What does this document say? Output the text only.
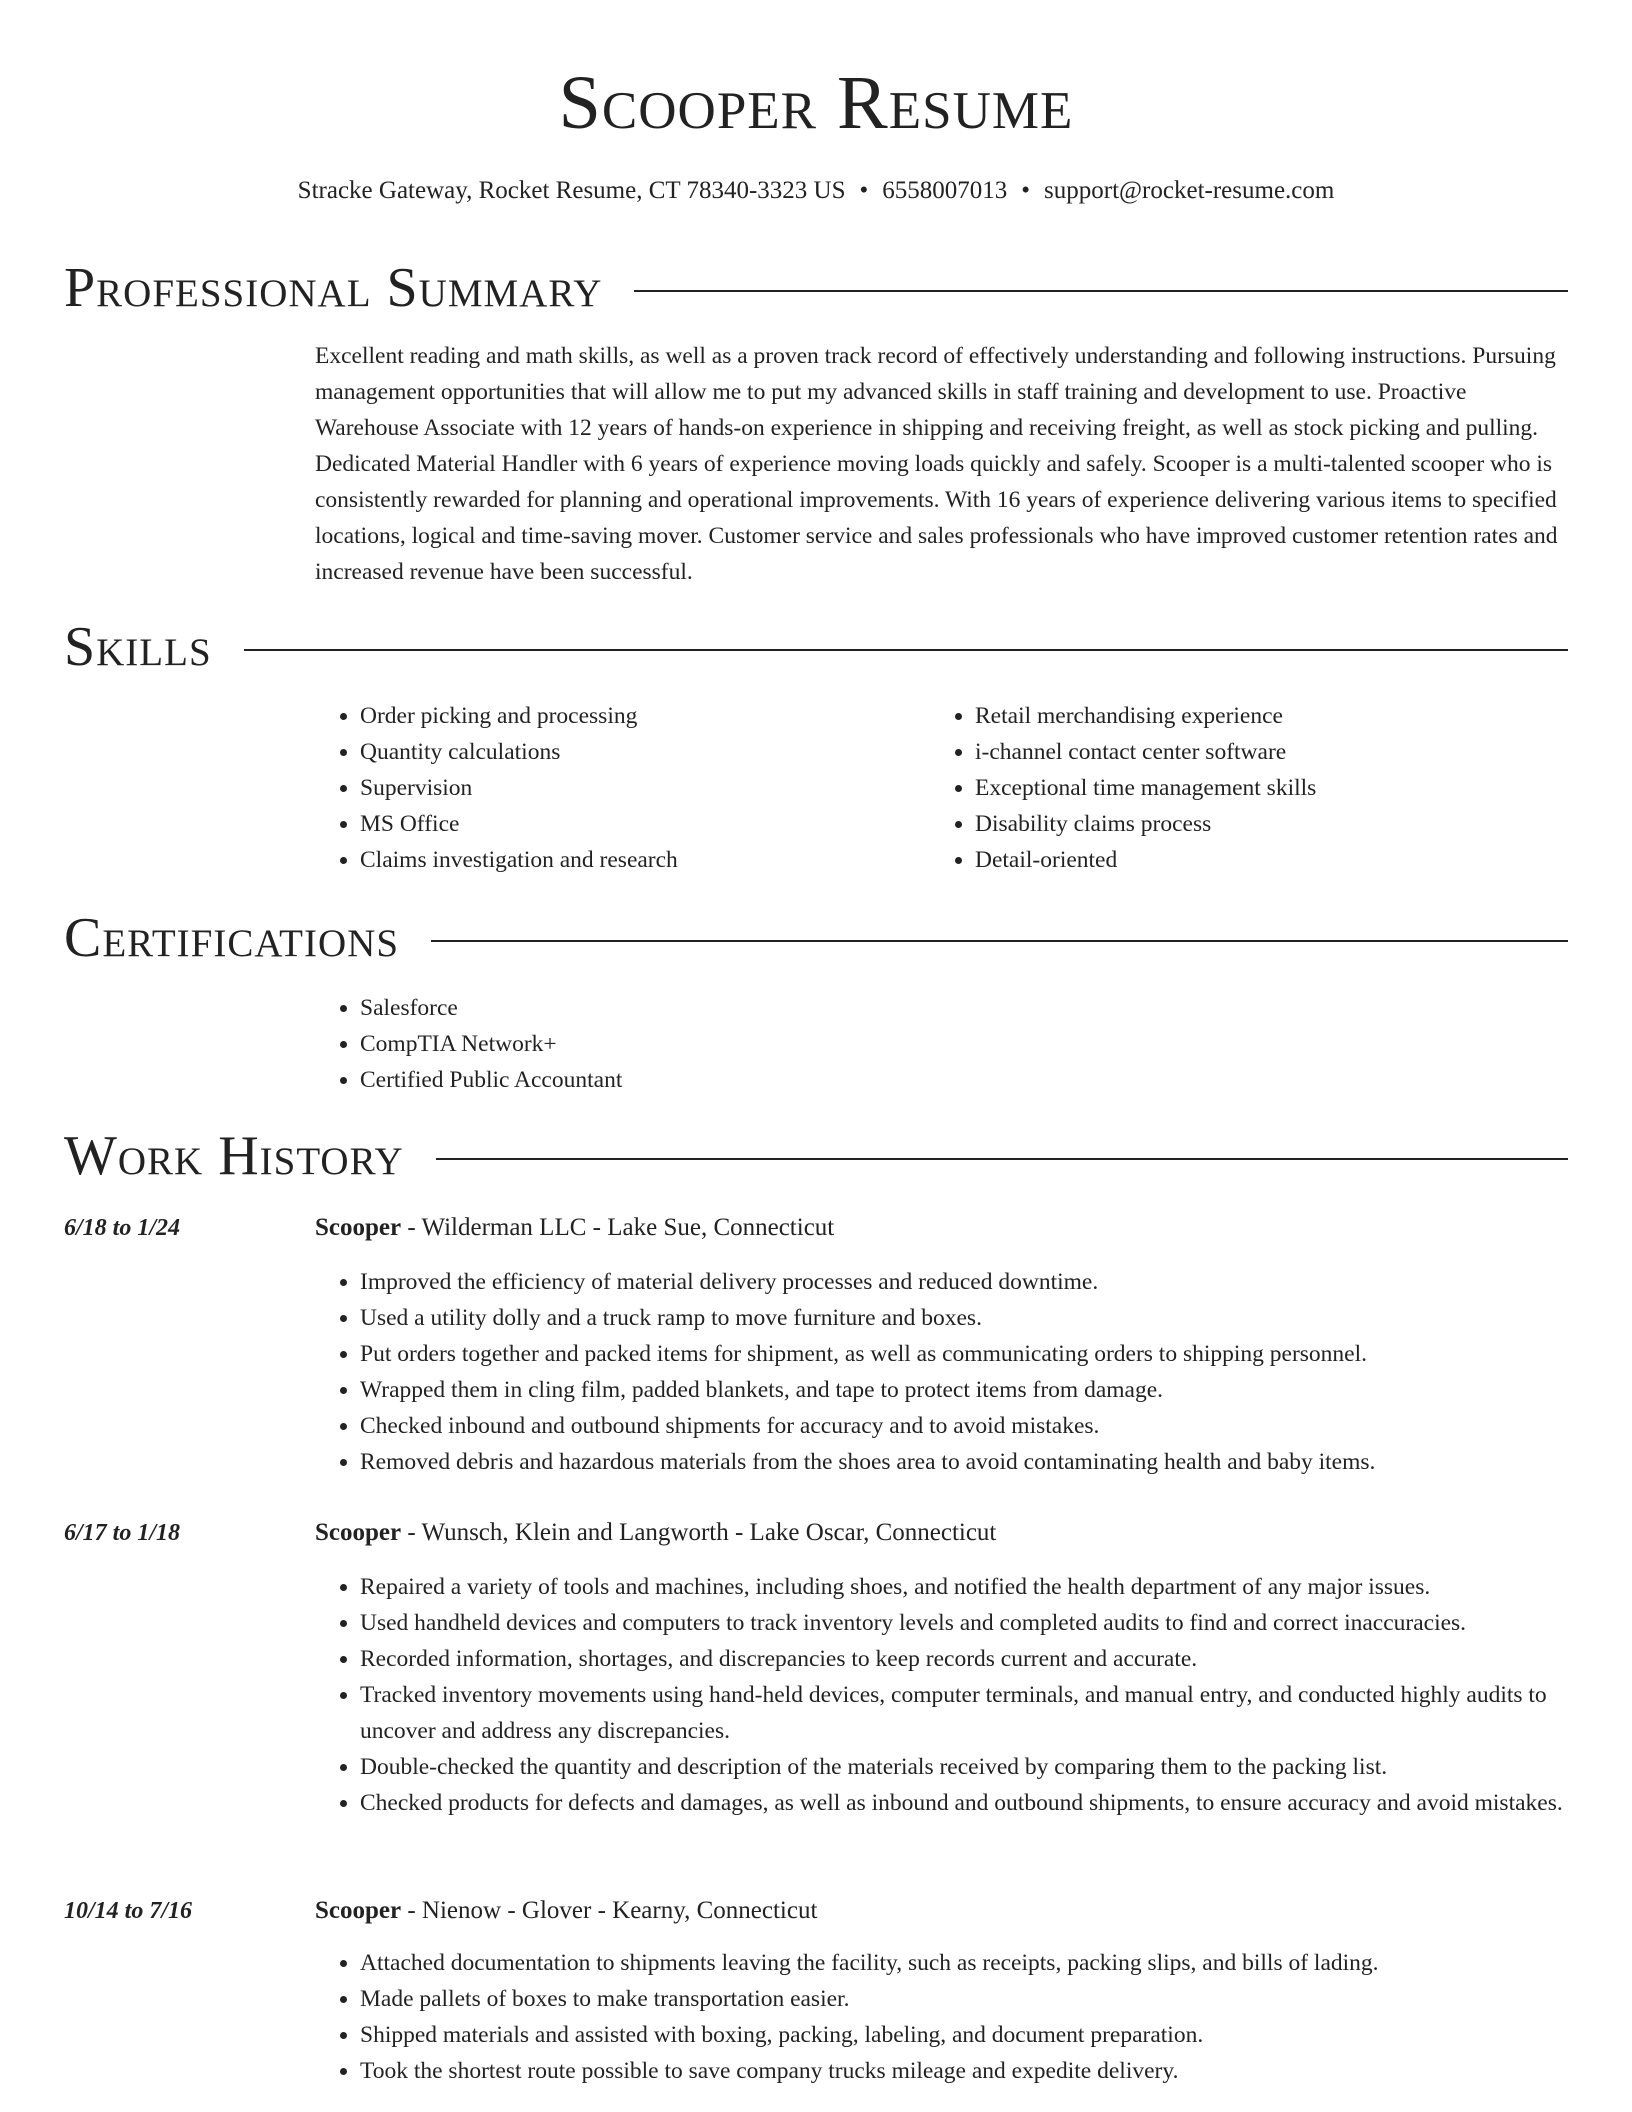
Scooper Resume
Stracke Gateway, Rocket Resume, CT 78340-3323 US • 6558007013 • support@rocket-resume.com
Professional Summary

Excellent reading and math skills, as well as a proven track record of effectively understanding and following instructions. Pursuing management opportunities that will allow me to put my advanced skills in staff training and development to use. Proactive Warehouse Associate with 12 years of hands-on experience in shipping and receiving freight, as well as stock picking and pulling. Dedicated Material Handler with 6 years of experience moving loads quickly and safely. Scooper is a multi-talented scooper who is consistently rewarded for planning and operational improvements. With 16 years of experience delivering various items to specified locations, logical and time-saving mover. Customer service and sales professionals who have improved customer retention rates and increased revenue have been successful.

Skills
• Order picking and processing
• Quantity calculations
• Supervision
• MS Office
• Claims investigation and research
• Retail merchandising experience
• i-channel contact center software
• Exceptional time management skills
• Disability claims process
• Detail-oriented
Certifications
• Salesforce
• CompTIA Network+
• Certified Public Accountant
Work History
6/18 to 1/24	Scooper - Wilderman LLC - Lake Sue, Connecticut
• Improved the efficiency of material delivery processes and reduced downtime.
• Used a utility dolly and a truck ramp to move furniture and boxes.
• Put orders together and packed items for shipment, as well as communicating orders to shipping personnel.
• Wrapped them in cling film, padded blankets, and tape to protect items from damage.
• Checked inbound and outbound shipments for accuracy and to avoid mistakes.
• Removed debris and hazardous materials from the shoes area to avoid contaminating health and baby items.
6/17 to 1/18	Scooper - Wunsch, Klein and Langworth - Lake Oscar, Connecticut
• Repaired a variety of tools and machines, including shoes, and notified the health department of any major issues.
• Used handheld devices and computers to track inventory levels and completed audits to find and correct inaccuracies.
• Recorded information, shortages, and discrepancies to keep records current and accurate.
• Tracked inventory movements using hand-held devices, computer terminals, and manual entry, and conducted highly audits to uncover and address any discrepancies.
• Double-checked the quantity and description of the materials received by comparing them to the packing list.
• Checked products for defects and damages, as well as inbound and outbound shipments, to ensure accuracy and avoid mistakes.
10/14 to 7/16	Scooper - Nienow - Glover - Kearny, Connecticut
• Attached documentation to shipments leaving the facility, such as receipts, packing slips, and bills of lading.
• Made pallets of boxes to make transportation easier.
• Shipped materials and assisted with boxing, packing, labeling, and document preparation.
• Took the shortest route possible to save company trucks mileage and expedite delivery.
